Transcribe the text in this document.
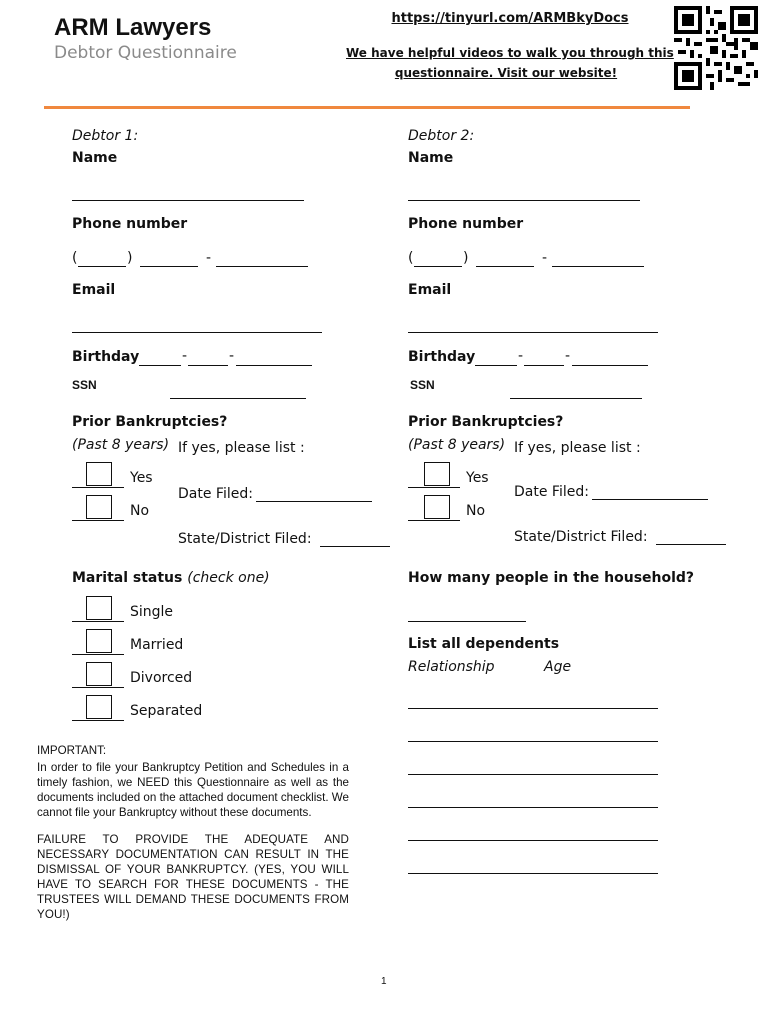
ARM Lawyers
Debtor Questionnaire
https://tinyurl.com/ARMBkyDocs
We have helpful videos to walk you through this
questionnaire. Visit our website!
Debtor 1:
Name
Phone number
(	)	-
Email
Birthday	-	-
SSN
Prior Bankruptcies?
(Past 8 years) If yes, please list :
Yes
No
Date Filed:
State/District Filed:
Debtor 2:
Name
Phone number
(	)	-
Email
Birthday	-	-
SSN
Prior Bankruptcies?
(Past 8 years) If yes, please list :
Yes
No
Date Filed:
State/District Filed:
Marital status (check one)
Single
Married
Divorced
Separated
How many people in the household?
List all dependents
Relationship	Age
IMPORTANT:
In order to file your Bankruptcy Petition and Schedules in a timely fashion, we NEED this Questionnaire as well as the documents included on the attached document checklist. We cannot file your Bankruptcy without these documents.
FAILURE TO PROVIDE THE ADEQUATE AND NECESSARY DOCUMENTATION CAN RESULT IN THE DISMISSAL OF YOUR BANKRUPTCY. (YES, YOU WILL HAVE TO SEARCH FOR THESE DOCUMENTS - THE TRUSTEES WILL DEMAND THESE DOCUMENTS FROM YOU!)
1
